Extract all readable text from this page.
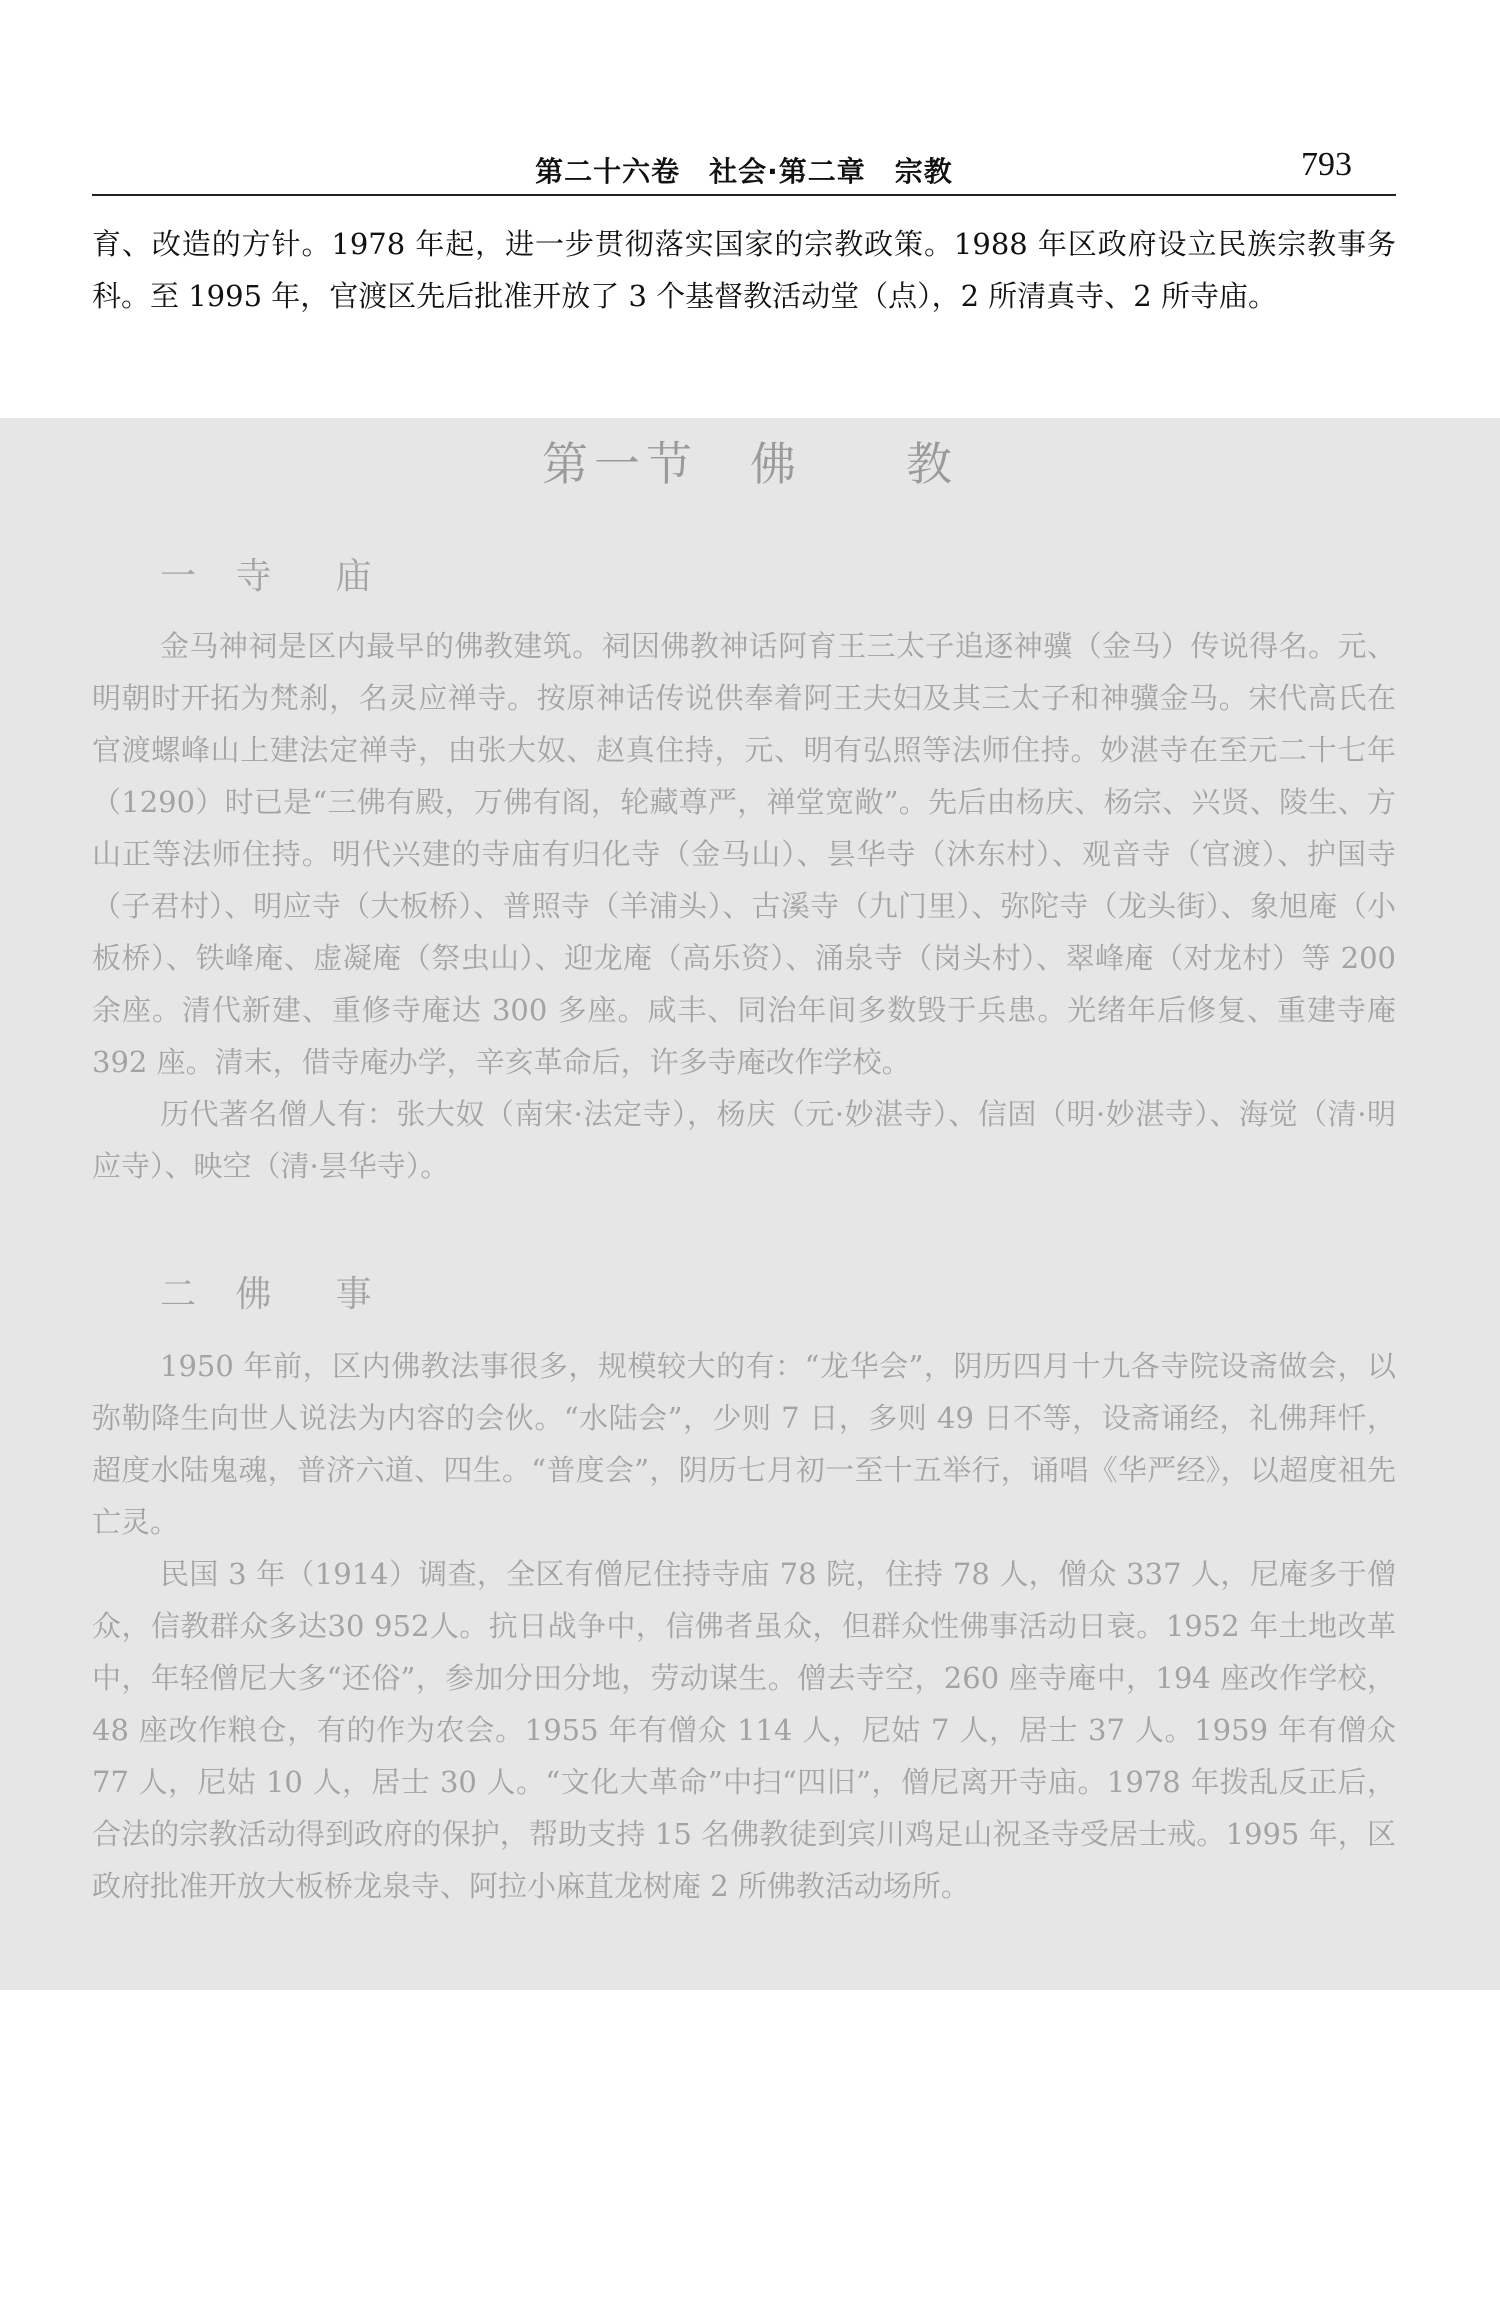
第二十六卷　社会·第二章　宗教	793
育、改造的方针。1978 年起，进一步贯彻落实国家的宗教政策。1988 年区政府设立民族宗教事务科。至 1995 年，官渡区先后批准开放了 3 个基督教活动堂（点），2 所清真寺、2 所寺庙。
第一节　佛　　教
一 寺　庙

金马神祠是区内最早的佛教建筑。祠因佛教神话阿育王三太子追逐神骥（金马）传说得名。元、明朝时开拓为梵刹，名灵应禅寺。按原神话传说供奉着阿王夫妇及其三太子和神骥金马。宋代高氏在官渡螺峰山上建法定禅寺，由张大奴、赵真住持，元、明有弘照等法师住持。妙湛寺在至元二十七年（1290）时已是“三佛有殿，万佛有阁，轮藏尊严，禅堂宽敞”。先后由杨庆、杨宗、兴贤、陵生、方山正等法师住持。明代兴建的寺庙有归化寺（金马山）、昙华寺（沐东村）、观音寺（官渡）、护国寺（子君村）、明应寺（大板桥）、普照寺（羊浦头）、古溪寺（九门里）、弥陀寺（龙头街）、象旭庵（小板桥）、铁峰庵、虚凝庵（祭虫山）、迎龙庵（高乐资）、涌泉寺（岗头村）、翠峰庵（对龙村）等 200 余座。清代新建、重修寺庵达 300 多座。咸丰、同治年间多数毁于兵患。光绪年后修复、重建寺庵 392 座。清末，借寺庵办学，辛亥革命后，许多寺庵改作学校。

历代著名僧人有：张大奴（南宋·法定寺），杨庆（元·妙湛寺）、信固（明·妙湛寺）、海觉（清·明应寺）、映空（清·昙华寺）。

二 佛　事

1950 年前，区内佛教法事很多，规模较大的有：“龙华会”，阴历四月十九各寺院设斋做会，以弥勒降生向世人说法为内容的会伙。“水陆会”，少则 7 日，多则 49 日不等，设斋诵经，礼佛拜忏，超度水陆鬼魂，普济六道、四生。“普度会”，阴历七月初一至十五举行，诵唱《华严经》，以超度祖先亡灵。

民国 3 年（1914）调查，全区有僧尼住持寺庙 78 院，住持 78 人，僧众 337 人，尼庵多于僧众，信教群众多达30 952人。抗日战争中，信佛者虽众，但群众性佛事活动日衰。1952 年土地改革中，年轻僧尼大多“还俗”，参加分田分地，劳动谋生。僧去寺空，260 座寺庵中，194 座改作学校，48 座改作粮仓，有的作为农会。1955 年有僧众 114 人，尼姑 7 人，居士 37 人。1959 年有僧众 77 人，尼姑 10 人，居士 30 人。“文化大革命”中扫“四旧”，僧尼离开寺庙。1978 年拨乱反正后，合法的宗教活动得到政府的保护，帮助支持 15 名佛教徒到宾川鸡足山祝圣寺受居士戒。1995 年，区政府批准开放大板桥龙泉寺、阿拉小麻苴龙树庵 2 所佛教活动场所。
